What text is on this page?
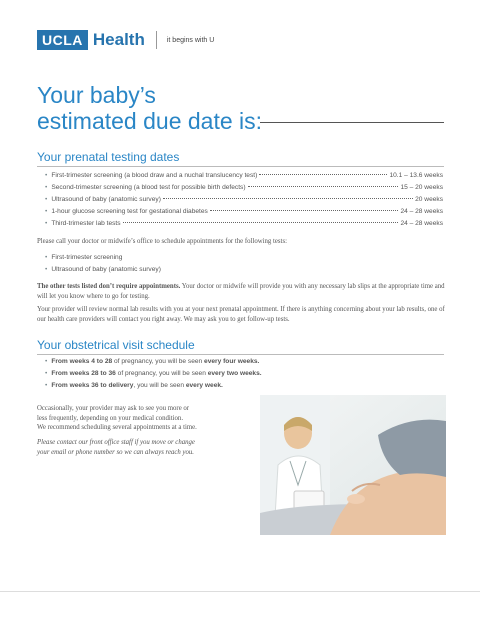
UCLA Health	it begins with U
Your baby’s
estimated due date is:
Your prenatal testing dates
• First-trimester screening (a blood draw and a nuchal translucency test)	10.1 – 13.6 weeks
• Second-trimester screening (a blood test for possible birth defects)	15 – 20 weeks
• Ultrasound of baby (anatomic survey)	20 weeks
• 1-hour glucose screening test for gestational diabetes	24 – 28 weeks
• Third-trimester lab tests	24 – 28 weeks
Please call your doctor or midwife’s office to schedule appointments for the following tests:
• First-trimester screening
• Ultrasound of baby (anatomic survey)
The other tests listed don’t require appointments. Your doctor or midwife will provide you with any necessary lab slips at the appropriate time and will let you know where to go for testing.
Your provider will review normal lab results with you at your next prenatal appointment. If there is anything concerning about your lab results, one of our health care providers will contact you right away. We may ask you to get follow-up tests.
Your obstetrical visit schedule
• From weeks 4 to 28 of pregnancy, you will be seen every four weeks.
• From weeks 28 to 36 of pregnancy, you will be seen every two weeks.
• From weeks 36 to delivery, you will be seen every week.
Occasionally, your provider may ask to see you more or
less frequently, depending on your medical condition.
We recommend scheduling several appointments at a time.
Please contact our front office staff if you move or change
your email or phone number so we can always reach you.
